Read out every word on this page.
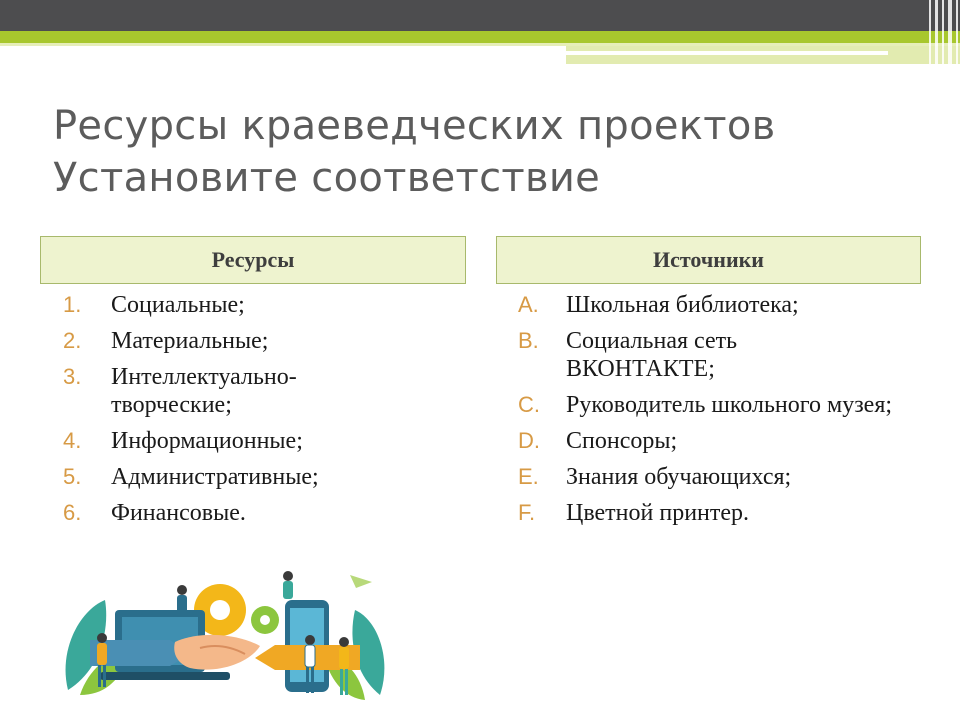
Ресурсы краеведческих проектов
Установите соответствие
Ресурсы	Источники
1. Социальные;
2. Материальные;
3. Интеллектуально-творческие;
4. Информационные;
5. Административные;
6. Финансовые.
A. Школьная библиотека;
B. Социальная сеть ВКОНТАКТЕ;
C. Руководитель школьного музея;
D. Спонсоры;
E. Знания обучающихся;
F. Цветной принтер.
